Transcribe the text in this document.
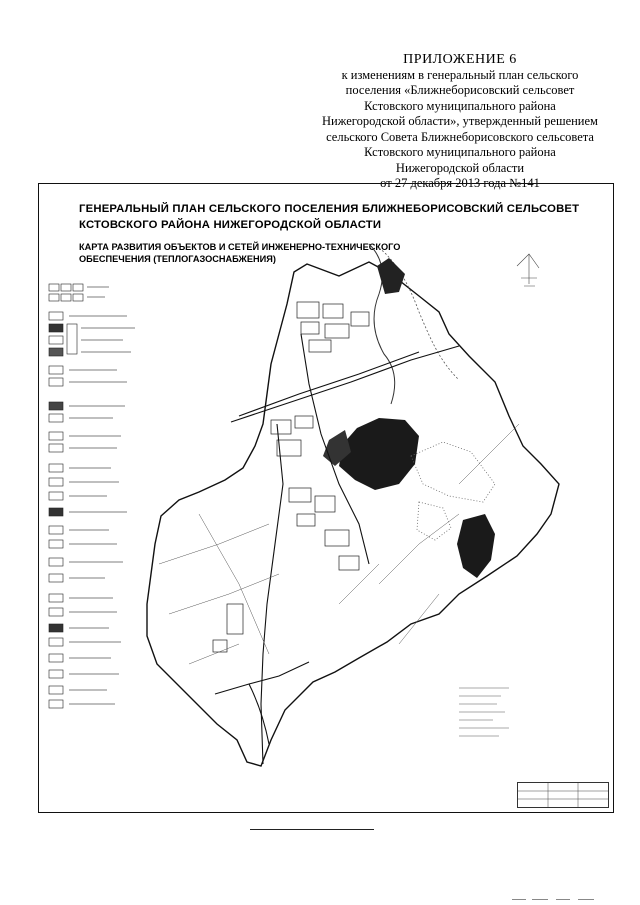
ПРИЛОЖЕНИЕ 6
к изменениям в генеральный план сельского
поселения «Ближнеборисовский сельсовет
Кстовского муниципального района
Нижегородской области», утвержденный решением
сельского Совета Ближнеборисовского сельсовета
Кстовского муниципального района
Нижегородской области
от 27 декабря 2013 года №141
ГЕНЕРАЛЬНЫЙ ПЛАН СЕЛЬСКОГО ПОСЕЛЕНИЯ БЛИЖНЕБОРИСОВСКИЙ СЕЛЬСОВЕТ
КСТОВСКОГО РАЙОНА НИЖЕГОРОДСКОЙ ОБЛАСТИ
КАРТА РАЗВИТИЯ ОБЪЕКТОВ И СЕТЕЙ ИНЖЕНЕРНО-ТЕХНИЧЕСКОГО
ОБЕСПЕЧЕНИЯ (ТЕПЛОГАЗОСНАБЖЕНИЯ)
